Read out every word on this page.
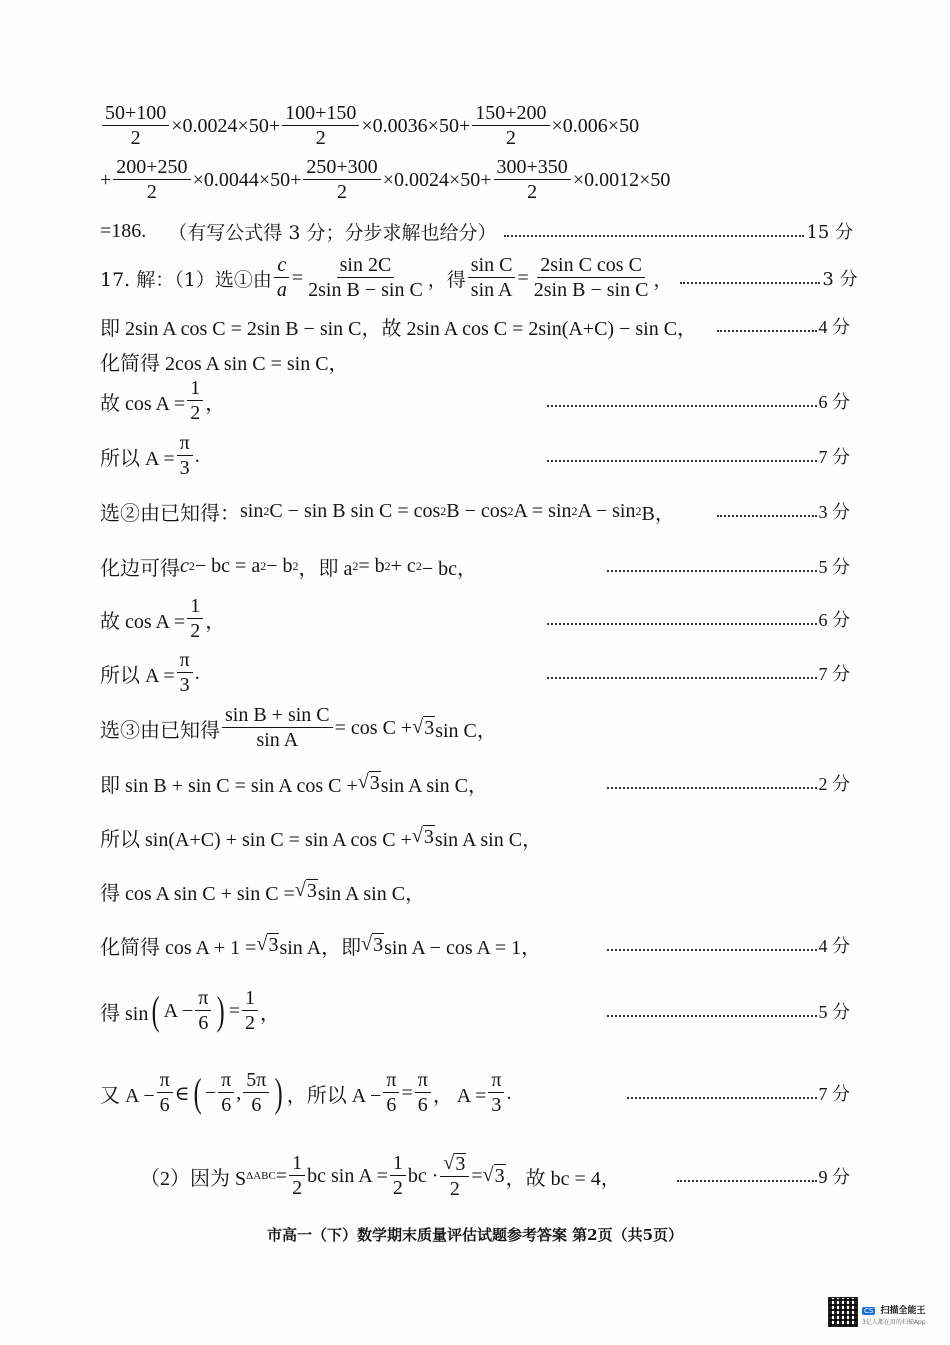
$\frac{50+100}{2} \times 0.0024\times 50+ \frac{100+150}{2} \times 0.0036\times 50+ \frac{150+200}{2} \times 0.006\times 50$
+ $\frac{200+250}{2} \times 0.0044\times 50+ \frac{250+300}{2} \times 0.0024\times 50+ \frac{300+350}{2} \times 0.0012\times 50$
=186. （有写公式得 3 分；分步求解也给分）	15 分
17. 解：（1）选①由 $\frac{c}{a} = \frac{\sin 2C}{\text{2sin B − sin C}}$ ，得 $\frac{\text{sin C}}{\text{sin A}} = \frac{\text{2sin C cos C}}{\text{2sin B − sin C}}$ ，	3 分
即 2sin A cos C = 2sin B − sin C，故 2sin A cos C = 2sin(A+C) − sin C，	4 分
化简得 2cos A sin C = sin C，
故 $\cos A = \frac{1}{2}$ ，	6 分
所以 $A = \frac{\pi}{3}$ .	7 分
选②由已知得： sin 2 C − sin B sin C = cos 2 B − cos 2 A = sin 2 A − sin 2 B，	3 分
化边可得 c 2 − bc = a 2 − b 2 ，即 a 2 = b 2 + c 2 − bc，	5 分
故 $\cos A = \frac{1}{2}$ ，	6 分
所以 $A = \frac{\pi}{3}$ .	7 分
选③由已知得 $\frac{\text{sin B + sin C}}{\text{sin A}} = \cos C$ + √ 3 sin C，
即 sin B + sin C = sin A cos C + √ 3 sin A sin C，	2 分
所以 sin(A+C) + sin C = sin A cos C + √ 3 sin A sin C，
得 cos A sin C + sin C = √ 3 sin A sin C，
化简得 cos A + 1 = √ 3 sin A，即 √ 3 sin A − cos A = 1，	4 分
得 sin ( $A - \frac{\pi}{6}$ ) = $\frac{1}{2}$ ，	5 分
又 $A - \frac{\pi}{6}$ ∈ ( − $\frac{\pi}{6}$ , $\frac{5\pi}{6}$ ) ，所以 $A - \frac{\pi}{6} = \frac{\pi}{6}$ ， $A = \frac{\pi}{3}$ .	7 分
（2）因为 S $\Delta ABC = \frac{1}{2}$ bc $\sin A = \frac{1}{2}$ bc · $\frac{√ 3}{2}$ = √ 3 ，故 bc = 4，	9 分
市高一（下）数学期末质量评估试题参考答案 第2页（共5页）
CS 扫描全能王
3亿人都在用的扫描App
